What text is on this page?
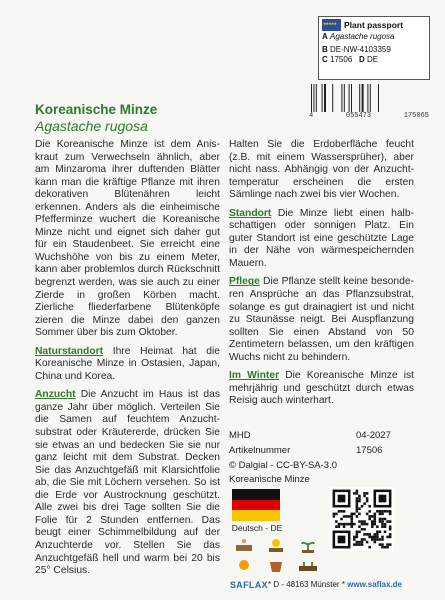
★★★★★
Plant passport
A Agastache rugosa
B DE-NW-4103359
C 17506 D DE
4	055473	175065
Koreanische Minze
Agastache rugosa

Die Koreanische Minze ist dem Aniskraut zum Verwechseln ähnlich, aber am Minzaroma ihrer duftenden Blätter kann man die kräftige Pflanze mit ihren dekorativen Blütenähren leicht erkennen. Anders als die einheimische Pfefferminze wuchert die Koreanische Minze nicht und eignet sich daher gut für ein Staudenbeet. Sie erreicht eine Wuchshöhe von bis zu einem Meter, kann aber problemlos durch Rückschnitt begrenzt werden, was sie auch zu einer Zierde in großen Körben macht. Zierliche fliederfarbene Blütenköpfe zieren die Minze dabei den ganzen Sommer über bis zum Oktober.

Naturstandort Ihre Heimat hat die Koreanische Minze in Ostasien, Japan, China und Korea.

Anzucht Die Anzucht im Haus ist das ganze Jahr über möglich. Verteilen Sie die Samen auf feuchtem Anzuchtsubstrat oder Kräutererde, drücken Sie sie etwas an und bedecken Sie sie nur ganz leicht mit dem Substrat. Decken Sie das Anzuchtgefäß mit Klarsichtfolie ab, die Sie mit Löchern versehen. So ist die Erde vor Austrocknung geschützt. Alle zwei bis drei Tage sollten Sie die Folie für 2 Stunden entfernen. Das beugt einer Schimmelbildung auf der Anzuchterde vor. Stellen Sie das Anzuchtgefäß hell und warm bei 20 bis 25° Celsius.

Halten Sie die Erdoberfläche feucht (z.B. mit einem Wassersprüher), aber nicht nass. Abhängig von der Anzuchttemperatur erscheinen die ersten Sämlinge nach zwei bis vier Wochen.

Standort Die Minze liebt einen halbschattigen oder sonnigen Platz. Ein guter Standort ist eine geschützte Lage in der Nähe von wärmespeichernden Mauern.

Pflege Die Pflanze stellt keine besonderen Ansprüche an das Pflanzsubstrat, solange es gut drainagiert ist und nicht zu Staunässe neigt. Bei Auspflanzung sollten Sie einen Abstand von 50 Zentimetern belassen, um den kräftigen Wuchs nicht zu behindern.

Im Winter Die Koreanische Minze ist mehrjährig und geschützt durch etwas Reisig auch winterhart.

MHD	04-2027
Artikelnummer	17506
© Dalgial - CC-BY-SA-3.0
Koreanische Minze
Deutsch - DE
SAFLAX * D - 48163 Münster * www.saflax.de
